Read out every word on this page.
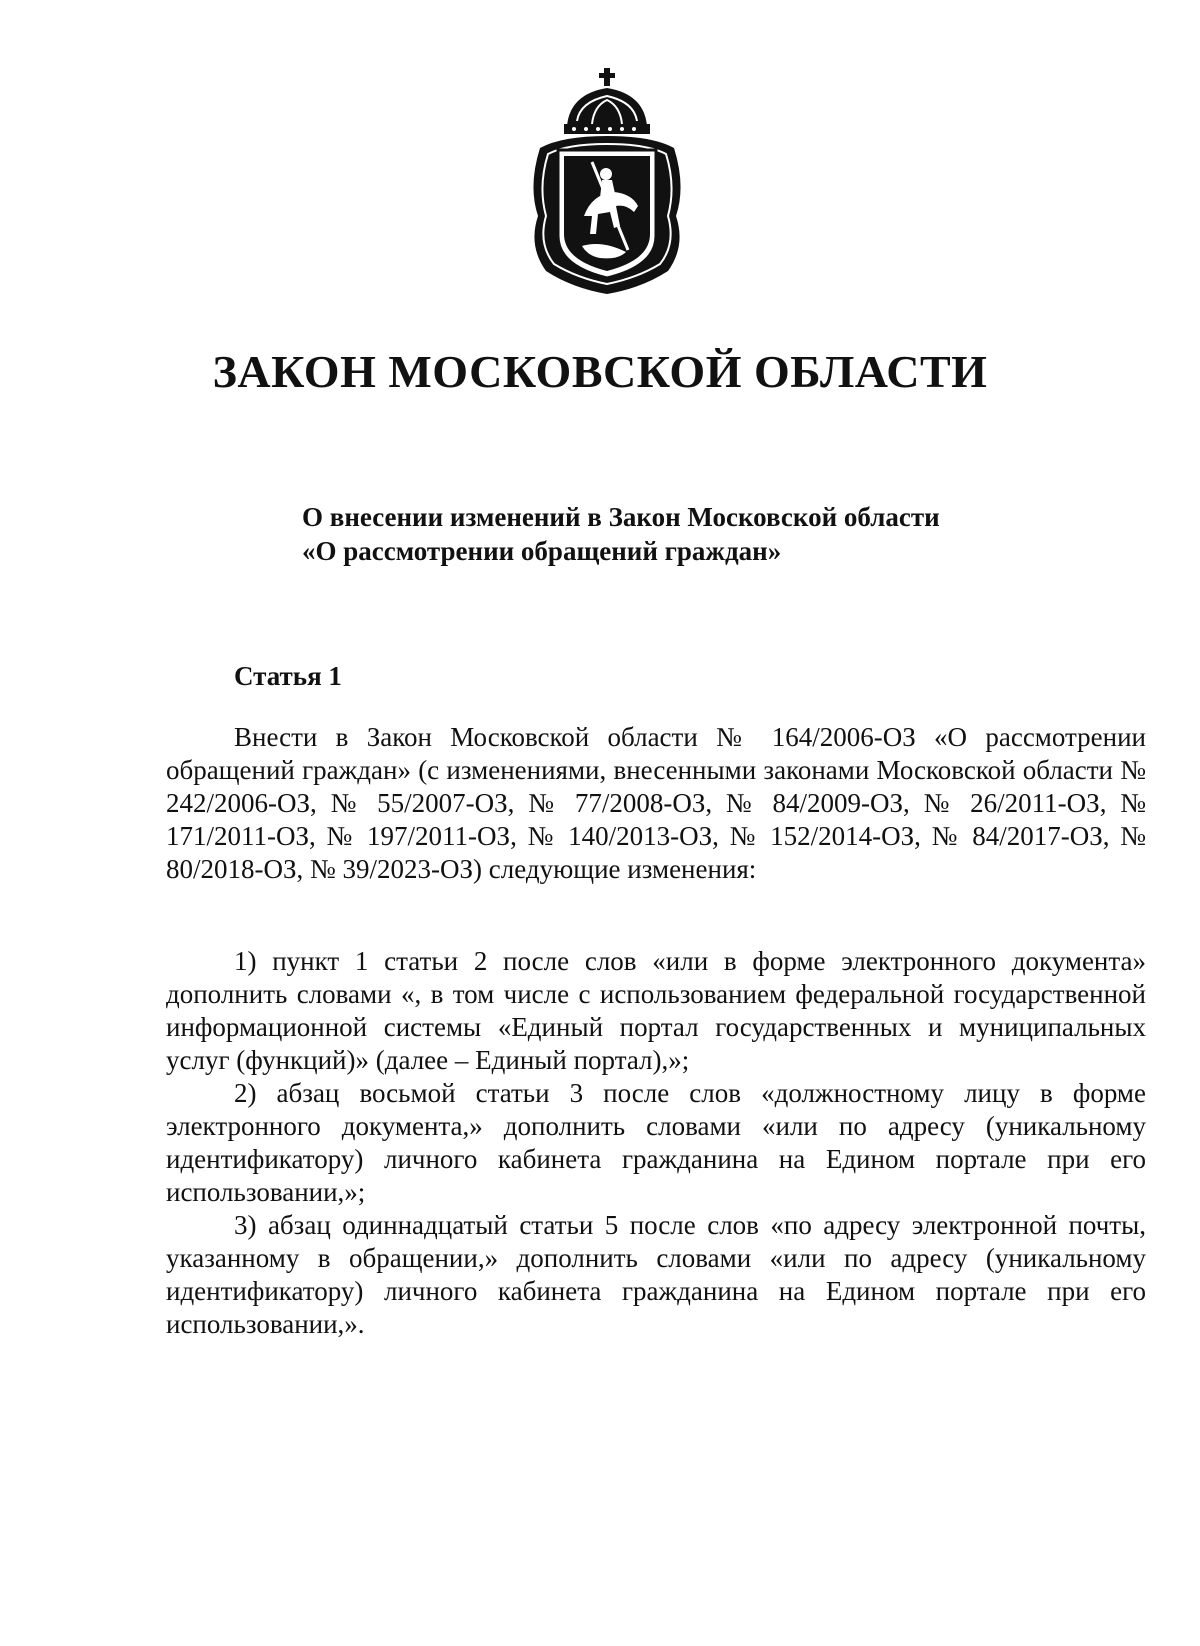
ЗАКОН МОСКОВСКОЙ ОБЛАСТИ

О внесении изменений в Закон Московской области
«О рассмотрении обращений граждан»

Статья 1

Внести в Закон Московской области № 164/2006-ОЗ «О рассмотрении обращений граждан» (с изменениями, внесенными законами Московской области № 242/2006-ОЗ, № 55/2007-ОЗ, № 77/2008-ОЗ, № 84/2009-ОЗ, № 26/2011-ОЗ, № 171/2011-ОЗ, № 197/2011-ОЗ, № 140/2013-ОЗ, № 152/2014-ОЗ, № 84/2017-ОЗ, № 80/2018-ОЗ, № 39/2023-ОЗ) следующие изменения:

1) пункт 1 статьи 2 после слов «или в форме электронного документа» дополнить словами «, в том числе с использованием федеральной государственной информационной системы «Единый портал государственных и муниципальных услуг (функций)» (далее – Единый портал),»;

2) абзац восьмой статьи 3 после слов «должностному лицу в форме электронного документа,» дополнить словами «или по адресу (уникальному идентификатору) личного кабинета гражданина на Едином портале при его использовании,»;

3) абзац одиннадцатый статьи 5 после слов «по адресу электронной почты, указанному в обращении,» дополнить словами «или по адресу (уникальному идентификатору) личного кабинета гражданина на Едином портале при его использовании,».
